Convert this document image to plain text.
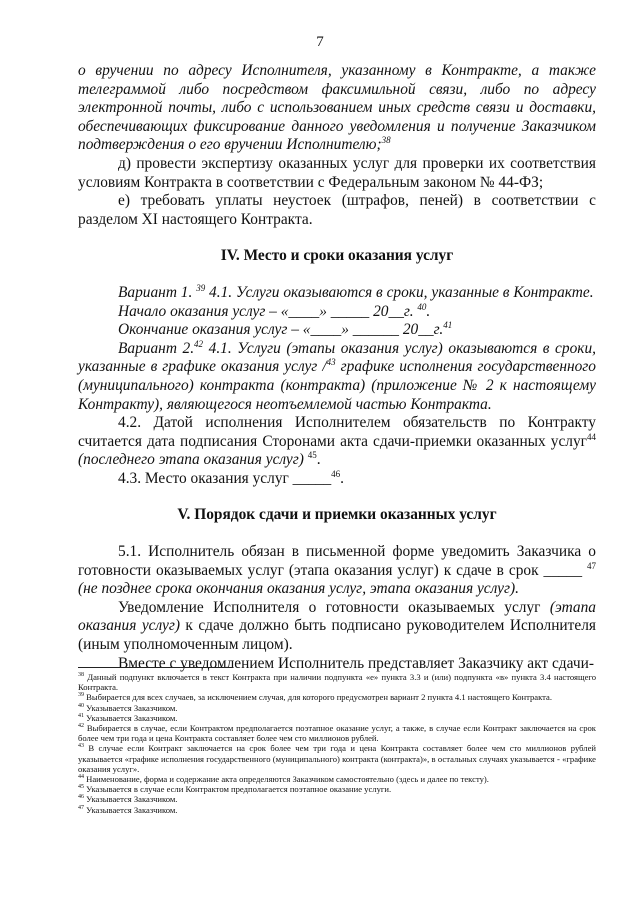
7

о вручении по адресу Исполнителя, указанному в Контракте, а также телеграммой либо посредством факсимильной связи, либо по адресу электронной почты, либо с использованием иных средств связи и доставки, обеспечивающих фиксирование данного уведомления и получение Заказчиком подтверждения о его вручении Исполнителю;$^{38}$

д) провести экспертизу оказанных услуг для проверки их соответствия условиям Контракта в соответствии с Федеральным законом № 44-ФЗ;

е) требовать уплаты неустоек (штрафов, пеней) в соответствии с разделом XI настоящего Контракта.

IV. Место и сроки оказания услуг

Вариант 1. $^{39}$ 4.1. Услуги оказываются в сроки, указанные в Контракте.

Начало оказания услуг – «____» _____ 20__г. $^{40}$.

Окончание оказания услуг – «____» ______ 20__г.$^{41}$

Вариант 2.42 4.1. Услуги (этапы оказания услуг) оказываются в сроки, указанные в графике оказания услуг /$^{43}$ графике исполнения государственного (муниципального) контракта (контракта) (приложение № 2 к настоящему Контракту), являющегося неотъемлемой частью Контракта.

4.2. Датой исполнения Исполнителем обязательств по Контракту считается дата подписания Сторонами акта сдачи-приемки оказанных услуг$^{44}$ (последнего этапа оказания услуг) $^{45}$.

4.3. Место оказания услуг _____$^{46}$.

V. Порядок сдачи и приемки оказанных услуг

5.1. Исполнитель обязан в письменной форме уведомить Заказчика о готовности оказываемых услуг (этапа оказания услуг) к сдаче в срок _____ $^{47}$ (не позднее срока окончания оказания услуг, этапа оказания услуг).

Уведомление Исполнителя о готовности оказываемых услуг (этапа оказания услуг) к сдаче должно быть подписано руководителем Исполнителя (иным уполномоченным лицом).

Вместе с уведомлением Исполнитель представляет Заказчику акт сдачи-

$^{38}$ Данный подпункт включается в текст Контракта при наличии подпункта «е» пункта 3.3 и (или) подпункта «в» пункта 3.4 настоящего Контракта.

$^{39}$ Выбирается для всех случаев, за исключением случая, для которого предусмотрен вариант 2 пункта 4.1 настоящего Контракта.

$^{40}$ Указывается Заказчиком.

$^{41}$ Указывается Заказчиком.

$^{42}$ Выбирается в случае, если Контрактом предполагается поэтапное оказание услуг, а также, в случае если Контракт заключается на срок более чем три года и цена Контракта составляет более чем сто миллионов рублей.

$^{43}$ В случае если Контракт заключается на срок более чем три года и цена Контракта составляет более чем сто миллионов рублей указывается «графике исполнения государственного (муниципального) контракта (контракта)», в остальных случаях указывается - «графике оказания услуг».

$^{44}$ Наименование, форма и содержание акта определяются Заказчиком самостоятельно (здесь и далее по тексту).

$^{45}$ Указывается в случае если Контрактом предполагается поэтапное оказание услуги.

$^{46}$ Указывается Заказчиком.

$^{47}$ Указывается Заказчиком.
